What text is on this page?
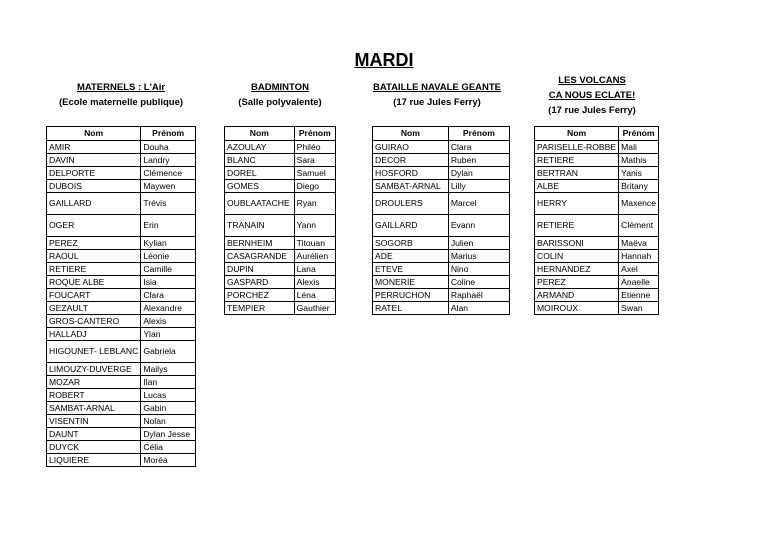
MARDI
MATERNELS : L'Air
(Ecole maternelle publique)
Nom	Prénom
AMIR	Douha
DAVIN	Landry
DELPORTE	Clémence
DUBOIS	Maywen
GAILLARD	Trévis
OGER	Erin
PEREZ	Kylian
RAOUL	Léonie
RETIERE	Camille
ROQUE ALBE	Isia
FOUCART	Clara
GEZAULT	Alexandre
GROS-CANTERO	Alexis
HALLADJ	Ylan
HIGOUNET- LEBLANC	Gabriela
LIMOUZY-DUVERGE	Mailys
MOZAR	Ilan
ROBERT	Lucas
SAMBAT-ARNAL	Gabin
VISENTIN	Nolan
DAUNT	Dylan Jesse
DUYCK	Célia
LIQUIERE	Moréa
BADMINTON
(Salle polyvalente)
Nom	Prénom
AZOULAY	Philéo
BLANC	Sara
DOREL	Samuel
GOMES	Diego
OUBLAATACHE	Ryan
TRANAIN	Yann
BERNHEIM	Titouan
CASAGRANDE	Aurélien
DUPIN	Lana
GASPARD	Alexis
PORCHEZ	Léna
TEMPIER	Gauthier
BATAILLE NAVALE GEANTE
(17 rue Jules Ferry)
Nom	Prénom
GUIRAO	Clara
DECOR	Ruben
HOSFORD	Dylan
SAMBAT-ARNAL	Lilly
DROULERS	Marcel
GAILLARD	Evann
SOGORB	Julien
ADE	Marius
ETEVE	Nino
MONERIE	Coline
PERRUCHON	Raphaël
RATEL	Alan
LES VOLCANS
CA NOUS ECLATE!
(17 rue Jules Ferry)
Nom	Prénom
PARISELLE-ROBBE	Mali
RETIERE	Mathis
BERTRAN	Yanis
ALBE	Britany
HERRY	Maxence
RETIERE	Clément
BARISSONI	Maëva
COLIN	Hannah
HERNANDEZ	Axel
PEREZ	Anaelle
ARMAND	Etienne
MOIROUX	Swan
